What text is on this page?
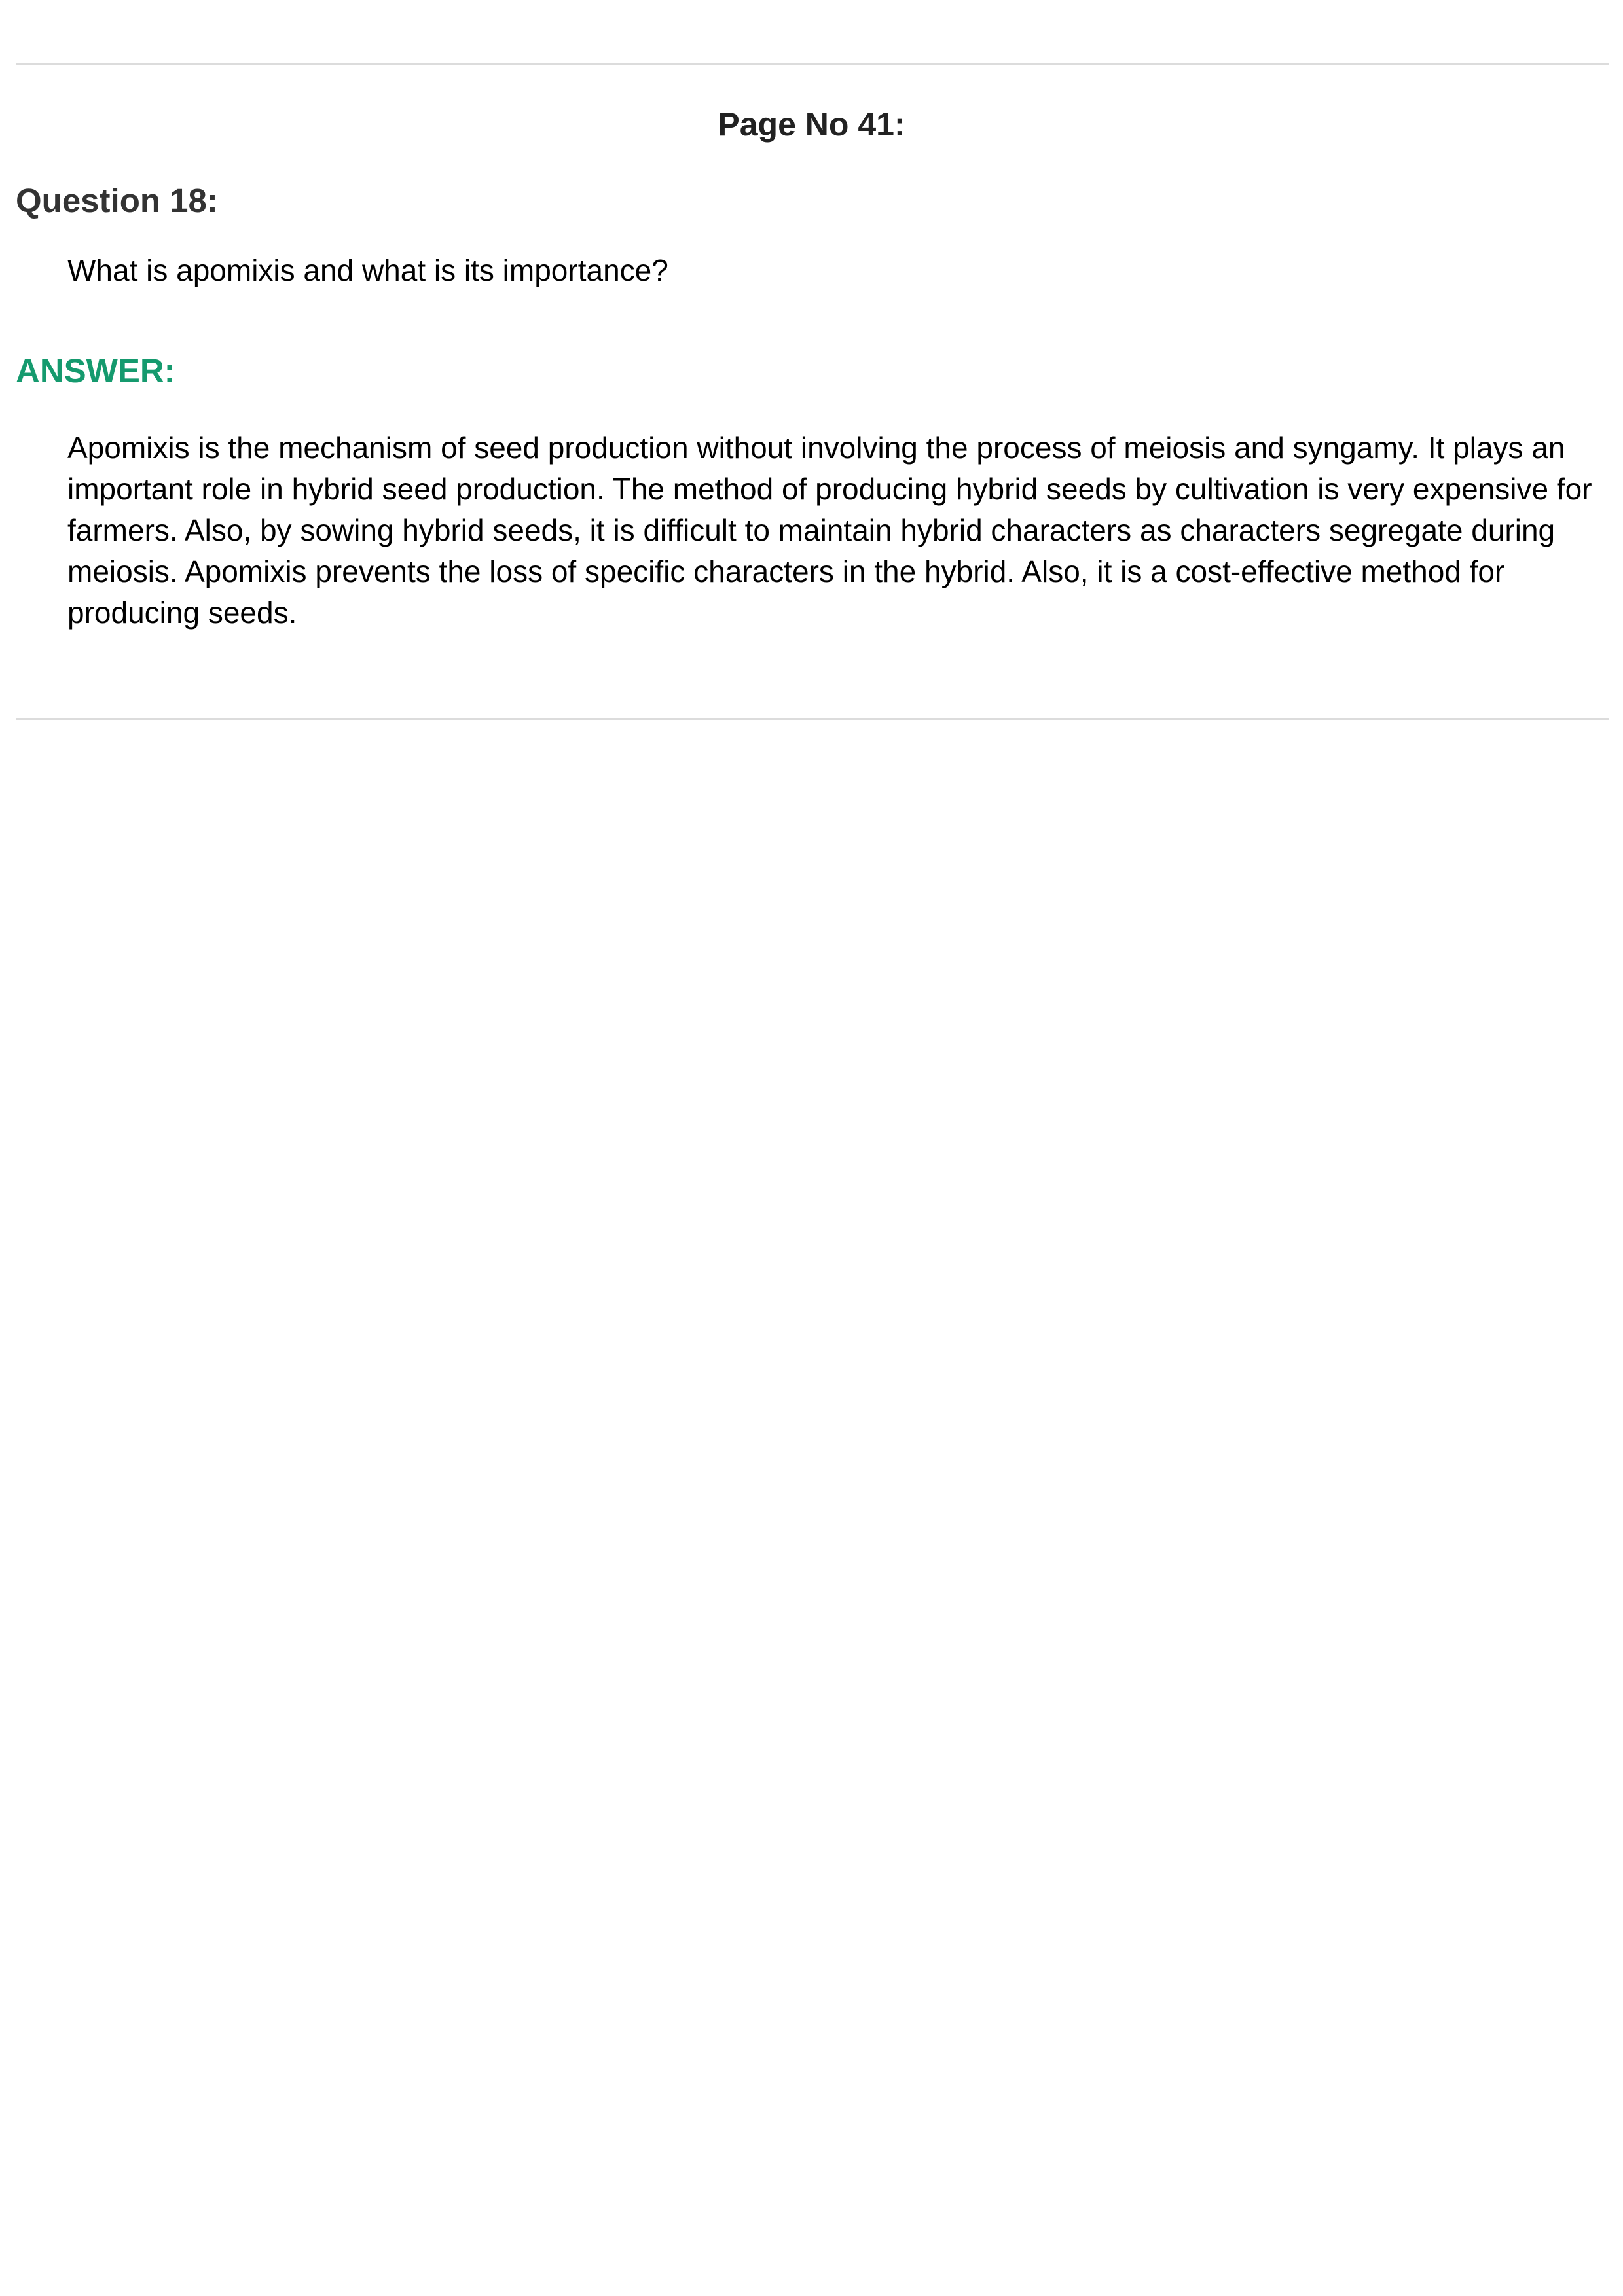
Page No 41:
Question 18:

What is apomixis and what is its importance?

ANSWER:

Apomixis is the mechanism of seed production without involving the process of meiosis and syngamy. It plays an important role in hybrid seed production. The method of producing hybrid seeds by cultivation is very expensive for farmers. Also, by sowing hybrid seeds, it is difficult to maintain hybrid characters as characters segregate during meiosis. Apomixis prevents the loss of specific characters in the hybrid. Also, it is a cost-effective method for producing seeds.
